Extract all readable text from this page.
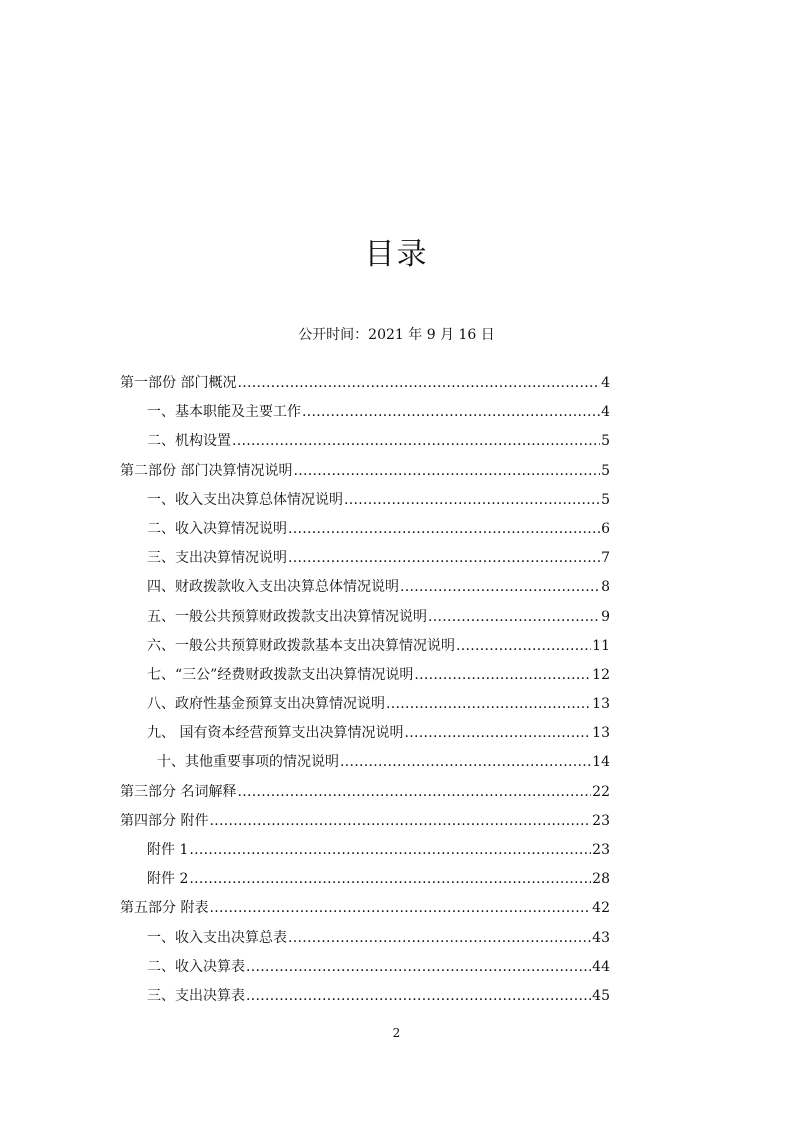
目录
公开时间：2021 年 9 月 16 日
第一部份 部门概况 .....	4
一、基本职能及主要工作 .....	4
二、机构设置 .....	5
第二部份 部门决算情况说明 .....	5
一、收入支出决算总体情况说明 .....	5
二、收入决算情况说明 .....	6
三、支出决算情况说明 .....	7
四、财政拨款收入支出决算总体情况说明 .....	8
五、一般公共预算财政拨款支出决算情况说明 .....	9
六、一般公共预算财政拨款基本支出决算情况说明 .....	11
七、“三公”经费财政拨款支出决算情况说明 .....	12
八、政府性基金预算支出决算情况说明 .....	13
九、 国有资本经营预算支出决算情况说明 .....	13
十、其他重要事项的情况说明 .....	14
第三部分 名词解释 .....	22
第四部分 附件 .....	23
附件 1 .....	23
附件 2 .....	28
第五部分 附表 .....	42
一、收入支出决算总表 .....	43
二、收入决算表 .....	44
三、支出决算表 .....	45
2
